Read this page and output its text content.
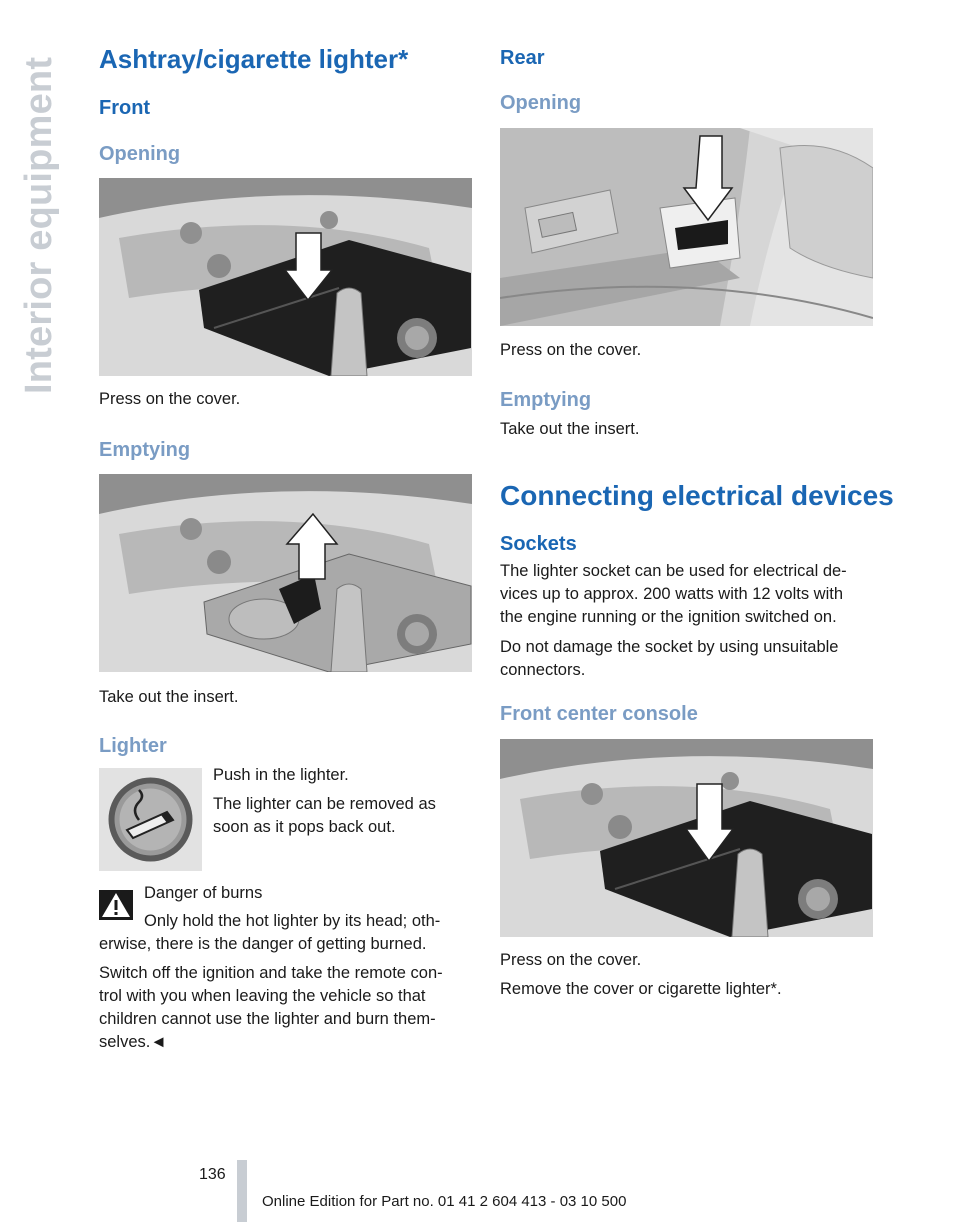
Interior equipment Ashtray/cigarette lighter*
Front
Opening
Press on the cover.
Emptying
Take out the insert.
Lighter
Push in the lighter.
The lighter can be removed as
soon as it pops back out.
Danger of burns
Only hold the hot lighter by its head; oth-
erwise, there is the danger of getting burned.
Switch off the ignition and take the remote con-
trol with you when leaving the vehicle so that
children cannot use the lighter and burn them-
selves.◄
Rear
Opening
Press on the cover.
Emptying
Take out the insert.
Connecting electrical devices
Sockets
The lighter socket can be used for electrical de-
vices up to approx. 200 watts with 12 volts with
the engine running or the ignition switched on.
Do not damage the socket by using unsuitable
connectors.
Front center console
Press on the cover.
Remove the cover or cigarette lighter*.
136
Online Edition for Part no. 01 41 2 604 413 - 03 10 500
